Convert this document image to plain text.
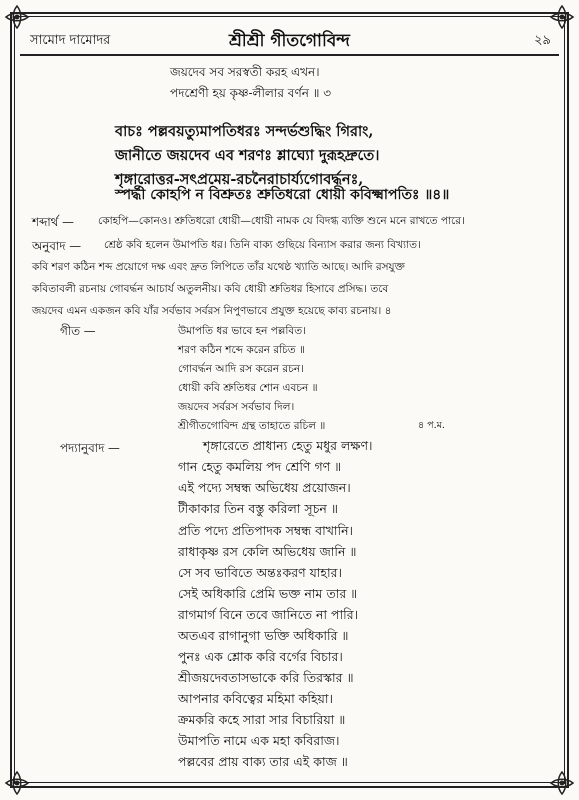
সামোদ দামোদর	শ্রীশ্রী গীতগোবিন্দ	২৯
জয়দেব সব সরস্বতী করহ এখন।
পদশ্রেণী হয় কৃষ্ণ-লীলার বর্ণন ॥ ৩
বাচঃ পল্লবয়ত্যুমাপতিধরঃ সন্দর্ভশুদ্ধিং গিরাং,
জানীতে জয়দেব এব শরণঃ শ্লাঘ্যো দুরূহদ্রুতে।
শৃঙ্গারোত্তর-সৎপ্রমেয়-রচনৈরাচার্য্যগোবর্দ্ধনঃ,
স্পর্দ্ধী কোহপি ন বিশ্রুতঃ শ্রুতিধরো ধোয়ী কবিক্ষ্মাপতিঃ ॥৪॥
শব্দার্থ — কোহপি—কোনও। শ্রুতিধরো ধোয়ী—ধোয়ী নামক যে বিদগ্ধ ব্যক্তি শুনে মনে রাখতে পারে।
অনুবাদ — শ্রেষ্ঠ কবি হলেন উমাপতি ধর। তিনি বাক্য গুছিয়ে বিন্যাস করার জন্য বিখ্যাত।
কবি শরণ কঠিন শব্দ প্রয়োগে দক্ষ এবং দ্রুত লিপিতে তাঁর যথেষ্ঠ খ্যাতি আছে। আদি রসযুক্ত
কবিতাবলী রচনায় গোবর্দ্ধন আচার্য অতুলনীয়। কবি ধোয়ী শ্রুতিধর হিসাবে প্রসিদ্ধ। তবে
জয়দেব এমন একজন কবি যাঁর সর্বভাব সর্বরস নিপুণভাবে প্রযুক্ত হয়েছে কাব্য রচনায়। ৪
গীত —	উমাপতি ধর ভাবে হন পল্লবিত।
শরণ কঠিন শব্দে করেন রচিত ॥
গোবর্দ্ধন আদি রস করেন রচন।
ধোয়ী কবি শ্রুতিধর শোন এবচন ॥
জয়দেব সর্বরস সর্বভাব দিল।
শ্রীগীতগোবিন্দ গ্রন্থ তাহাতে রচিল ॥	৪ প.ম.
পদ্যানুবাদ —	শৃঙ্গারেতে প্রাধান্য হেতু মধুর লক্ষণ।
গান হেতু কমলিয় পদ শ্রেণি গণ ॥
এই পদ্যে সম্বন্ধ অভিধেয় প্রয়োজন।
টীকাকার তিন বস্তু করিলা সূচন ॥
প্রতি পদ্যে প্রতিপাদক সম্বন্ধ বাখানি।
রাধাকৃষ্ণ রস কেলি অভিধেয় জানি ॥
সে সব ভাবিতে অন্তঃকরণ যাহার।
সেই অধিকারি প্রেমি ভক্ত নাম তার ॥
রাগমার্গ বিনে তবে জানিতে না পারি।
অতএব রাগানুগা ভক্তি অধিকারি ॥
পুনঃ এক শ্লোক করি বর্গের বিচার।
শ্রীজয়দেবতাসভাকে করি তিরস্কার ॥
আপনার কবিত্বের মহিমা কহিয়া।
ক্রমকরি কহে সারা সার বিচারিয়া ॥
উমাপতি নামে এক মহা কবিরাজ।
পল্লবের প্রায় বাক্য তার এই কাজ ॥
